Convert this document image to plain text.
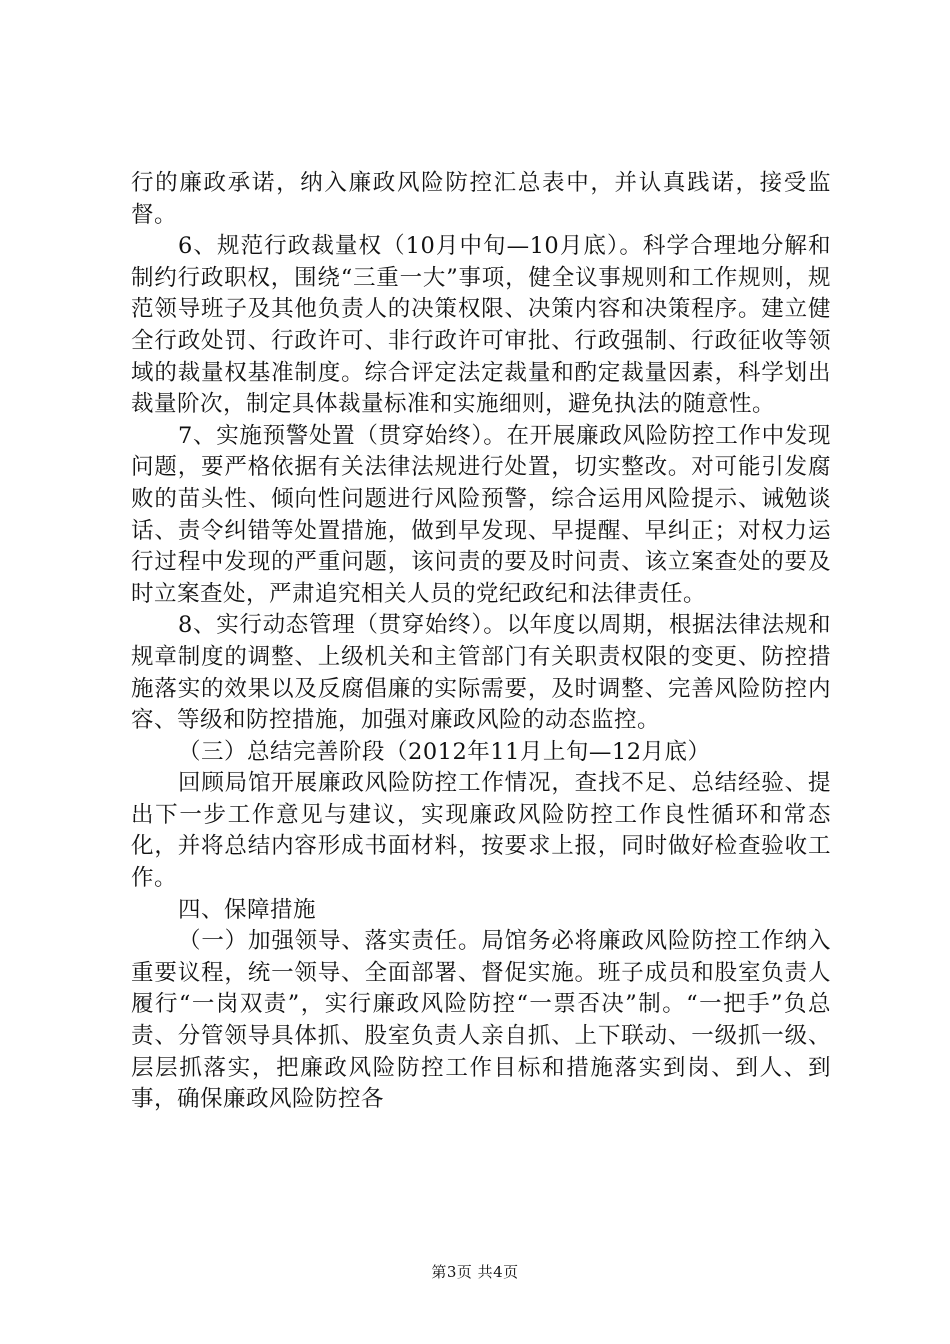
行的廉政承诺，纳入廉政风险防控汇总表中，并认真践诺，接受监督。

6、规范行政裁量权（10月中旬—10月底）。科学合理地分解和制约行政职权，围绕“三重一大”事项，健全议事规则和工作规则，规范领导班子及其他负责人的决策权限、决策内容和决策程序。建立健全行政处罚、行政许可、非行政许可审批、行政强制、行政征收等领域的裁量权基准制度。综合评定法定裁量和酌定裁量因素，科学划出裁量阶次，制定具体裁量标准和实施细则，避免执法的随意性。

7、实施预警处置（贯穿始终）。在开展廉政风险防控工作中发现问题，要严格依据有关法律法规进行处置，切实整改。对可能引发腐败的苗头性、倾向性问题进行风险预警，综合运用风险提示、诫勉谈话、责令纠错等处置措施，做到早发现、早提醒、早纠正；对权力运行过程中发现的严重问题，该问责的要及时问责、该立案查处的要及时立案查处，严肃追究相关人员的党纪政纪和法律责任。

8、实行动态管理（贯穿始终）。以年度以周期，根据法律法规和规章制度的调整、上级机关和主管部门有关职责权限的变更、防控措施落实的效果以及反腐倡廉的实际需要，及时调整、完善风险防控内容、等级和防控措施，加强对廉政风险的动态监控。

（三）总结完善阶段（2012年11月上旬—12月底）

回顾局馆开展廉政风险防控工作情况，查找不足、总结经验、提出下一步工作意见与建议，实现廉政风险防控工作良性循环和常态化，并将总结内容形成书面材料，按要求上报，同时做好检查验收工作。

四、保障措施

（一）加强领导、落实责任。局馆务必将廉政风险防控工作纳入重要议程，统一领导、全面部署、督促实施。班子成员和股室负责人履行“一岗双责”，实行廉政风险防控“一票否决”制。“一把手”负总责、分管领导具体抓、股室负责人亲自抓、上下联动、一级抓一级、层层抓落实，把廉政风险防控工作目标和措施落实到岗、到人、到事，确保廉政风险防控各

第3页 共4页
